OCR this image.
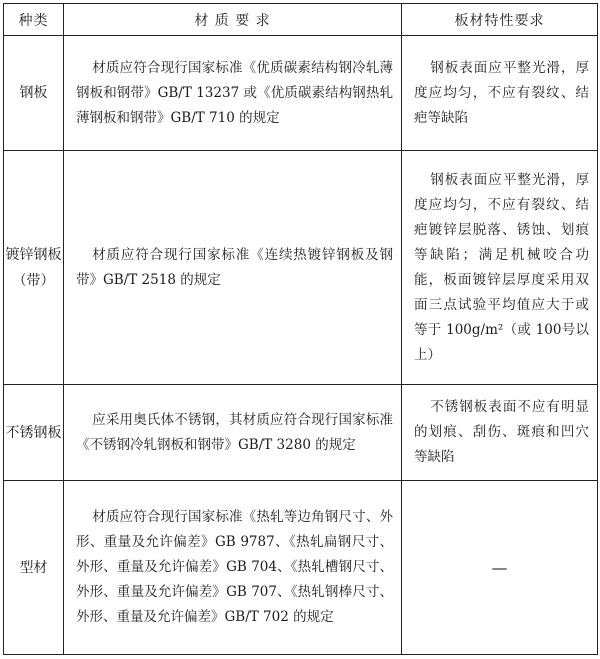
种类	材 质 要 求	板材特性要求
钢板	材质应符合现行国家标准《优质碳素结构钢冷轧薄钢板和钢带》GB/T 13237 或《优质碳素结构钢热轧薄钢板和钢带》GB/T 710 的规定	钢板表面应平整光滑，厚度应均匀，不应有裂纹、结疤等缺陷

镀锌钢板（带）	材质应符合现行国家标准《连续热镀锌钢板及钢带》GB/T 2518 的规定	钢板表面应平整光滑，厚度应均匀，不应有裂纹、结疤镀锌层脱落、锈蚀、划痕等缺陷；满足机械咬合功能，板面镀锌层厚度采用双面三点试验平均值应大于或等于 100g/m²（或 100号以上）

不锈钢板	应采用奥氏体不锈钢，其材质应符合现行国家标准《不锈钢冷轧钢板和钢带》GB/T 3280 的规定	不锈钢板表面不应有明显的划痕、刮伤、斑痕和凹穴等缺陷

型材	材质应符合现行国家标准《热轧等边角钢尺寸、外形、重量及允许偏差》GB 9787、《热轧扁钢尺寸、外形、重量及允许偏差》GB 704、《热轧槽钢尺寸、外形、重量及允许偏差》GB 707、《热轧钢棒尺寸、外形、重量及允许偏差》GB/T 702 的规定	—
